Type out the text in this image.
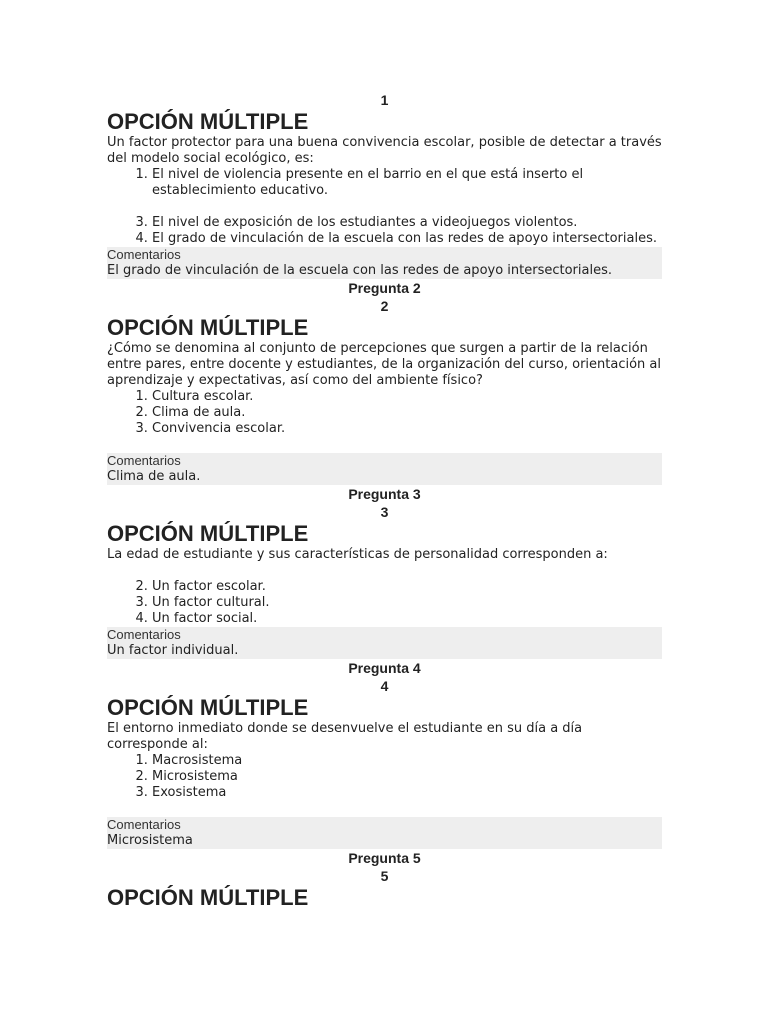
1
OPCIÓN MÚLTIPLE

Un factor protector para una buena convivencia escolar, posible de detectar a través del modelo social ecológico, es:

1. El nivel de violencia presente en el barrio en el que está inserto el establecimiento educativo.
3. El nivel de exposición de los estudiantes a videojuegos violentos.
4. El grado de vinculación de la escuela con las redes de apoyo intersectoriales.
Comentarios
El grado de vinculación de la escuela con las redes de apoyo intersectoriales.
Pregunta 2
2
OPCIÓN MÚLTIPLE

¿Cómo se denomina al conjunto de percepciones que surgen a partir de la relación entre pares, entre docente y estudiantes, de la organización del curso, orientación al aprendizaje y expectativas, así como del ambiente físico?

1. Cultura escolar.
2. Clima de aula.
3. Convivencia escolar.
Comentarios
Clima de aula.
Pregunta 3
3
OPCIÓN MÚLTIPLE

La edad de estudiante y sus características de personalidad corresponden a:

2. Un factor escolar.
3. Un factor cultural.
4. Un factor social.
Comentarios
Un factor individual.
Pregunta 4
4
OPCIÓN MÚLTIPLE

El entorno inmediato donde se desenvuelve el estudiante en su día a día corresponde al:

1. Macrosistema
2. Microsistema
3. Exosistema
Comentarios
Microsistema
Pregunta 5
5
OPCIÓN MÚLTIPLE
